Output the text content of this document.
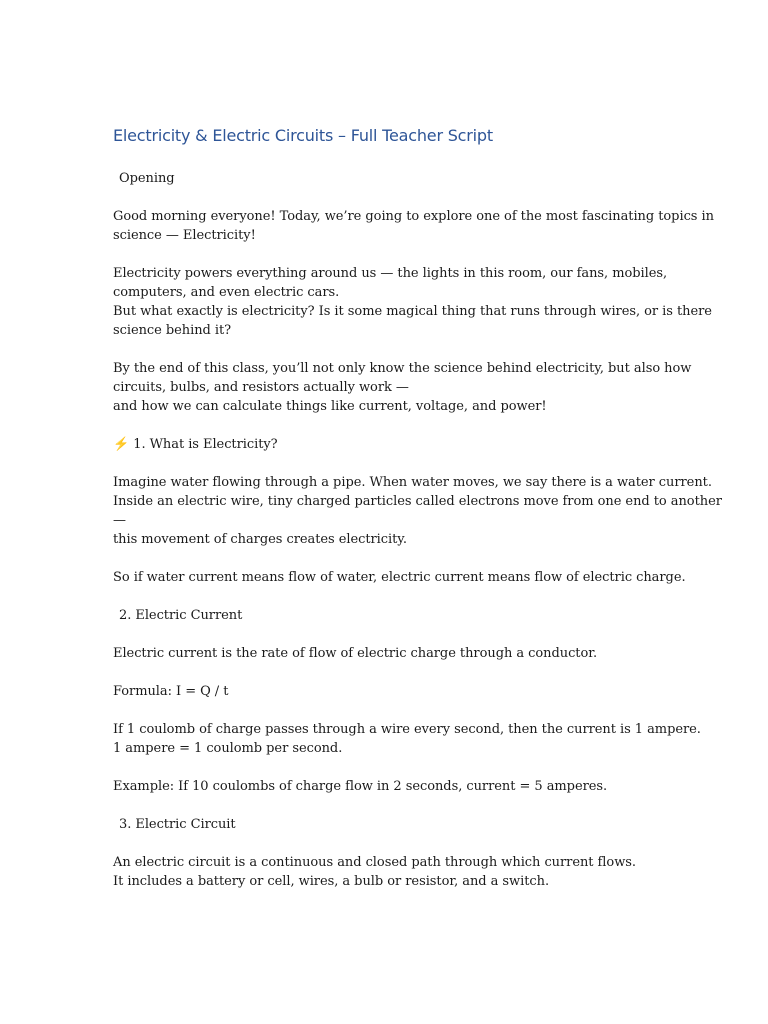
Electricity & Electric Circuits – Full Teacher Script
Opening
Good morning everyone! Today, we’re going to explore one of the most fascinating topics in
science — Electricity!
Electricity powers everything around us — the lights in this room, our fans, mobiles,
computers, and even electric cars.
But what exactly is electricity? Is it some magical thing that runs through wires, or is there
science behind it?
By the end of this class, you’ll not only know the science behind electricity, but also how
circuits, bulbs, and resistors actually work —
and how we can calculate things like current, voltage, and power!
⚡ 1. What is Electricity?
Imagine water flowing through a pipe. When water moves, we say there is a water current.
Inside an electric wire, tiny charged particles called electrons move from one end to another
—
this movement of charges creates electricity.
So if water current means flow of water, electric current means flow of electric charge.
2. Electric Current
Electric current is the rate of flow of electric charge through a conductor.
Formula: I = Q / t
If 1 coulomb of charge passes through a wire every second, then the current is 1 ampere.
1 ampere = 1 coulomb per second.
Example: If 10 coulombs of charge flow in 2 seconds, current = 5 amperes.
3. Electric Circuit
An electric circuit is a continuous and closed path through which current flows.
It includes a battery or cell, wires, a bulb or resistor, and a switch.
